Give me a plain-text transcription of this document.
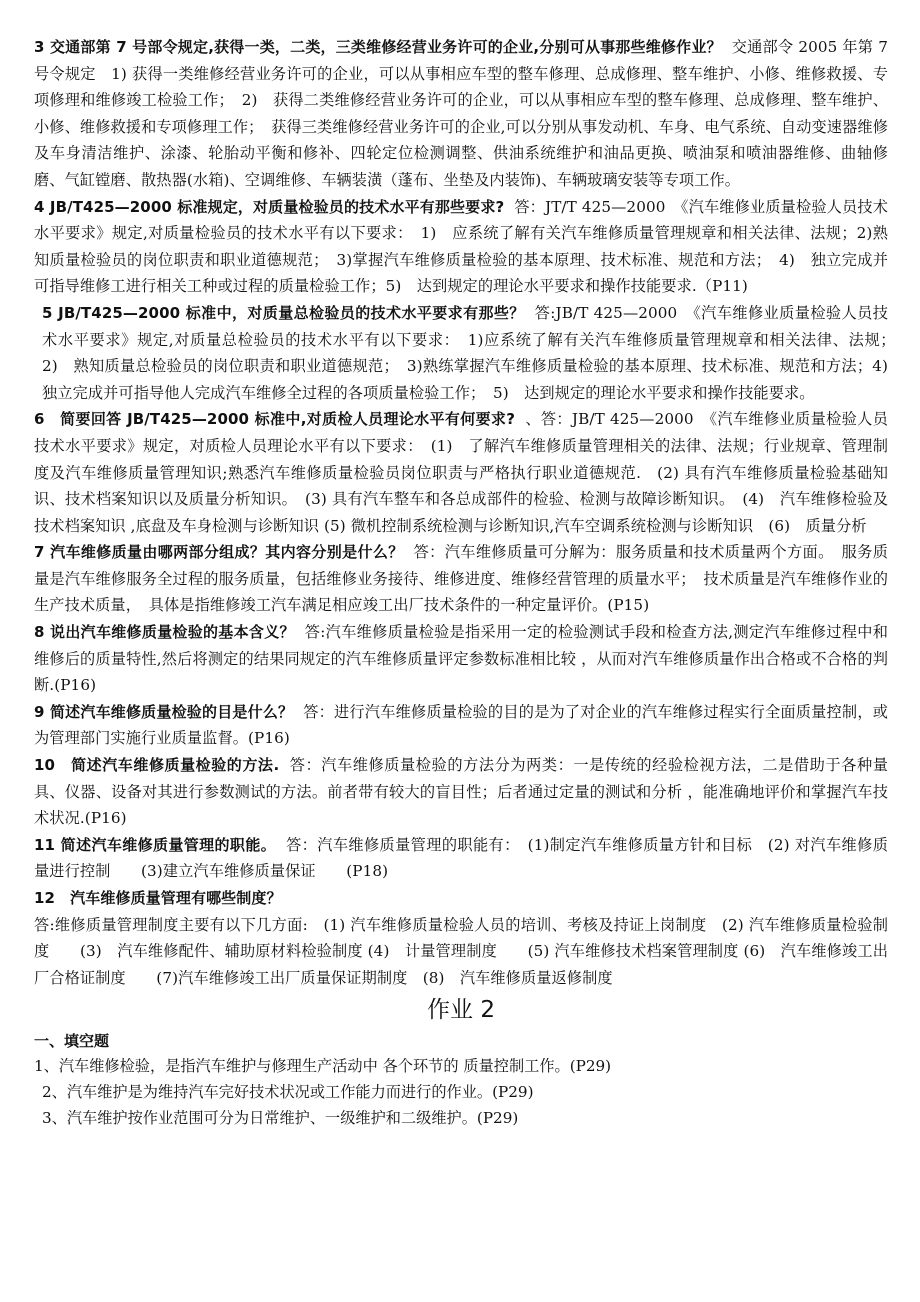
3 交通部第 7 号部令规定,获得一类，二类，三类维修经营业务许可的企业,分别可从事那些维修作业？ 交通部令 2005 年第 7 号令规定　1) 获得一类维修经营业务许可的企业，可以从事相应车型的整车修理、总成修理、整车维护、小修、维修救援、专项修理和维修竣工检验工作；　2)　获得二类维修经营业务许可的企业，可以从事相应车型的整车修理、总成修理、整车维护、小修、维修救援和专项修理工作；　获得三类维修经营业务许可的企业,可以分别从事发动机、车身、电气系统、自动变速器维修及车身清洁维护、涂漆、轮胎动平衡和修补、四轮定位检测调整、供油系统维护和油品更换、喷油泵和喷油器维修、曲轴修磨、气缸镗磨、散热器(水箱)、空调维修、车辆装潢（蓬布、坐垫及内装饰)、车辆玻璃安装等专项工作。

4 JB/T425—2000 标准规定，对质量检验员的技术水平有那些要求? 答：JT/T 425—2000　《汽车维修业质量检验人员技术水平要求》规定,对质量检验员的技术水平有以下要求：　1)　应系统了解有关汽车维修质量管理规章和相关法律、法规；2)熟知质量检验员的岗位职责和职业道德规范；　3)掌握汽车维修质量检验的基本原理、技术标准、规范和方法；　4)　独立完成并可指导维修工进行相关工种或过程的质量检验工作；5)　达到规定的理论水平要求和操作技能要求.（P11)

5 JB/T425—2000 标准中，对质量总检验员的技术水平要求有那些？ 答:JB/T 425—2000　《汽车维修业质量检验人员技术水平要求》规定,对质量总检验员的技术水平有以下要求：　1)应系统了解有关汽车维修质量管理规章和相关法律、法规；　2)　熟知质量总检验员的岗位职责和职业道德规范；　3)熟练掌握汽车维修质量检验的基本原理、技术标准、规范和方法；4)独立完成并可指导他人完成汽车维修全过程的各项质量检验工作；　5)　达到规定的理论水平要求和操作技能要求。

6　简要回答 JB/T425—2000 标准中,对质检人员理论水平有何要求? 、答：JB/T 425—2000　《汽车维修业质量检验人员技术水平要求》规定，对质检人员理论水平有以下要求：　(1)　了解汽车维修质量管理相关的法律、法规；行业规章、管理制度及汽车维修质量管理知识;熟悉汽车维修质量检验员岗位职责与严格执行职业道德规范.　(2) 具有汽车维修质量检验基础知识、技术档案知识以及质量分析知识。　(3) 具有汽车整车和各总成部件的检验、检测与故障诊断知识。　(4)　汽车维修检验及技术档案知识 ,底盘及车身检测与诊断知识 (5) 微机控制系统检测与诊断知识,汽车空调系统检测与诊断知识　(6)　质量分析

7 汽车维修质量由哪两部分组成？其内容分别是什么？ 答：汽车维修质量可分解为：服务质量和技术质量两个方面。　服务质量是汽车维修服务全过程的服务质量，包括维修业务接待、维修进度、维修经营管理的质量水平；　技术质量是汽车维修作业的生产技术质量，　具体是指维修竣工汽车满足相应竣工出厂技术条件的一种定量评价。(P15)

8 说出汽车维修质量检验的基本含义？ 答:汽车维修质量检验是指采用一定的检验测试手段和检查方法,测定汽车维修过程中和维修后的质量特性,然后将测定的结果同规定的汽车维修质量评定参数标准相比较 ，从而对汽车维修质量作出合格或不合格的判断.(P16)

9 简述汽车维修质量检验的目是什么？ 答：进行汽车维修质量检验的目的是为了对企业的汽车维修过程实行全面质量控制，或为管理部门实施行业质量监督。(P16)

10　简述汽车维修质量检验的方法. 答：汽车维修质量检验的方法分为两类：一是传统的经验检视方法，二是借助于各种量具、仪器、设备对其进行参数测试的方法。前者带有较大的盲目性；后者通过定量的测试和分析 ，能准确地评价和掌握汽车技术状况.(P16)

11 简述汽车维修质量管理的职能。 答：汽车维修质量管理的职能有：　(1)制定汽车维修质量方针和目标　(2) 对汽车维修质量进行控制　　(3)建立汽车维修质量保证　　(P18)

12　汽车维修质量管理有哪些制度？
答:维修质量管理制度主要有以下几方面:　(1) 汽车维修质量检验人员的培训、考核及持证上岗制度　(2) 汽车维修质量检验制度　　(3)　汽车维修配件、辅助原材料检验制度 (4)　计量管理制度　　(5) 汽车维修技术档案管理制度 (6)　汽车维修竣工出厂合格证制度　　(7)汽车维修竣工出厂质量保证期制度　(8)　汽车维修质量返修制度

作业 2

一、填空题

1、汽车维修检验，是指汽车维护与修理生产活动中 各个环节的 质量控制工作。(P29)

2、汽车维护是为维持汽车完好技术状况或工作能力而进行的作业。(P29)

3、汽车维护按作业范围可分为日常维护、一级维护和二级维护。(P29)
